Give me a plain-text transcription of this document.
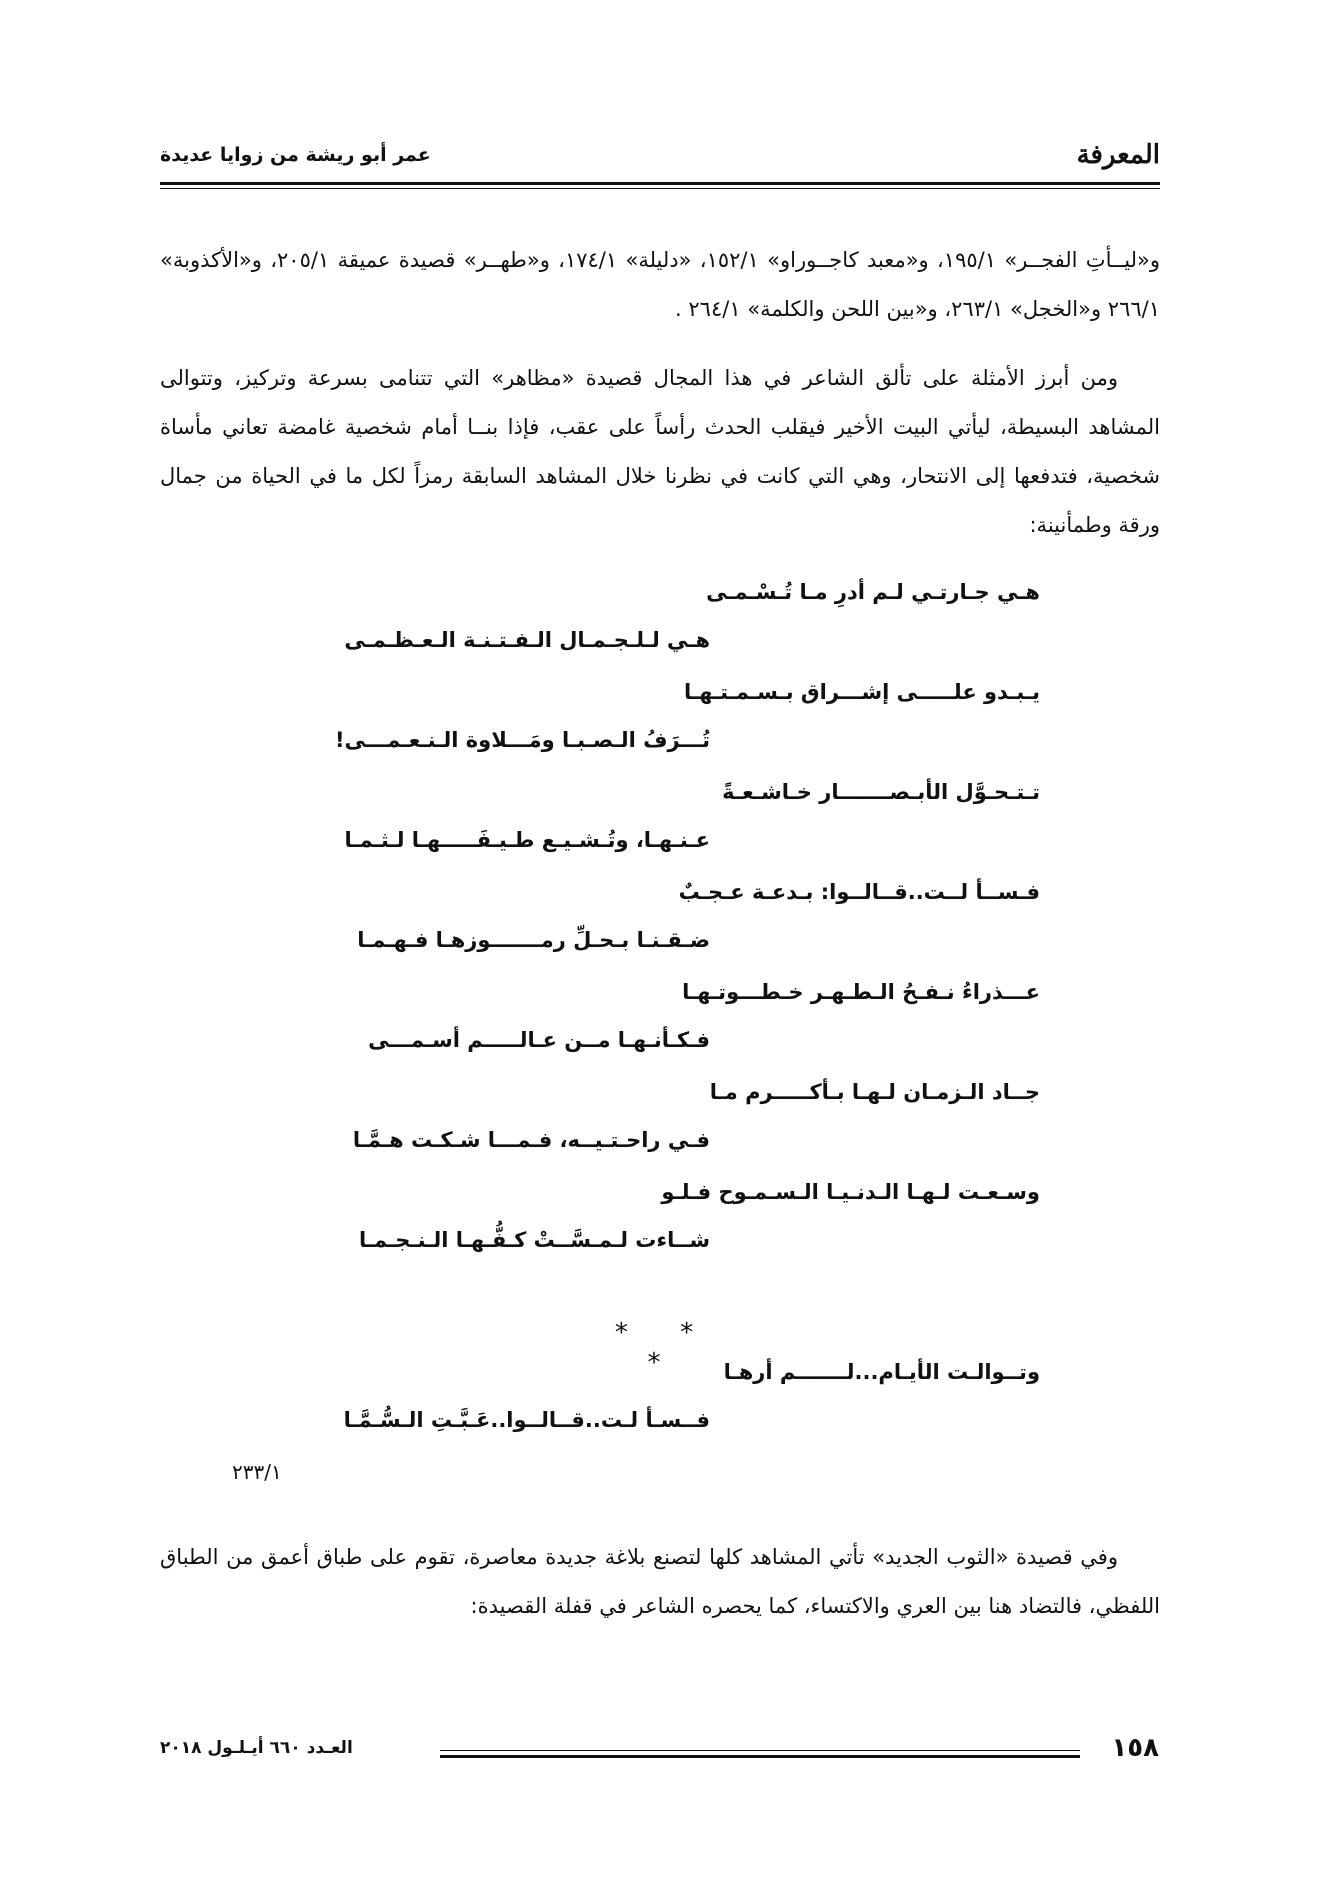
المعرفة
عمر أبو ريشة من زوايا عديدة

و«ليــأتِ الفجــر» ١٩٥/١، و«معبد كاجــوراو» ١٥٢/١، «دليلة» ١٧٤/١، و«طهــر» قصيدة عميقة ٢٠٥/١، و«الأكذوبة» ٢٦٦/١ و«الخجل» ٢٦٣/١، و«بين اللحن والكلمة» ٢٦٤/١ .

ومن أبرز الأمثلة على تألق الشاعر في هذا المجال قصيدة «مظاهر» التي تتنامى بسرعة وتركيز، وتتوالى المشاهد البسيطة، ليأتي البيت الأخير فيقلب الحدث رأساً على عقب، فإذا بنــا أمام شخصية غامضة تعاني مأساة شخصية، فتدفعها إلى الانتحار، وهي التي كانت في نظرنا خلال المشاهد السابقة رمزاً لكل ما في الحياة من جمال ورقة وطمأنينة:

هـي جـارتـي لـم أدرِ مـا تُـسْـمـى
هـي لـلـجـمـال الـفـتـنـة الـعـظـمـى
يـبـدو علـــــى إشـــراق بـسـمـتـهـا
تُـــرَفُ الـصـبـا ومَـــلاوة الـنـعـمـــى!
تـتـحـوَّل الأبـصـــــــار خـاشـعـةً
عـنـهـا، وتُـشـيـع طـيـفَـــــهـا لـثـمـا
فـســأ لــت..قــالــوا: بـدعـة عـجـبٌ
ضـقـنـا بـحـلِّ رمـــــــوزهـا فـهـمـا
عـــذراءُ نـفـحُ الـطـهـر خـطـــوتـهـا
فـكـأنـهـا مــن عـالـــــم أسـمـــى
جــاد الـزمـان لـهـا بـأكـــــرم مـا
فـي راحـتـيــه، فـمـــا شـكـت هـمَّـا
وسـعـت لـهـا الـدنـيـا الـسـمـوح فـلـو
شــاءت لـمـسَّــتْ كـفُّـهـا الـنـجـمـا
* * *	وتــوالـت الأيـام...لـــــــم أرهـا
فــسـأ لـت..قــالــوا..عَـبَّـتِ الـسُّـمَّـا
٢٣٣/١

وفي قصيدة «الثوب الجديد» تأتي المشاهد كلها لتصنع بلاغة جديدة معاصرة، تقوم على طباق أعمق من الطباق اللفظي، فالتضاد هنا بين العري والاكتساء، كما يحصره الشاعر في قفلة القصيدة:

١٥٨
العـدد ٦٦٠ أيـلـول ٢٠١٨
